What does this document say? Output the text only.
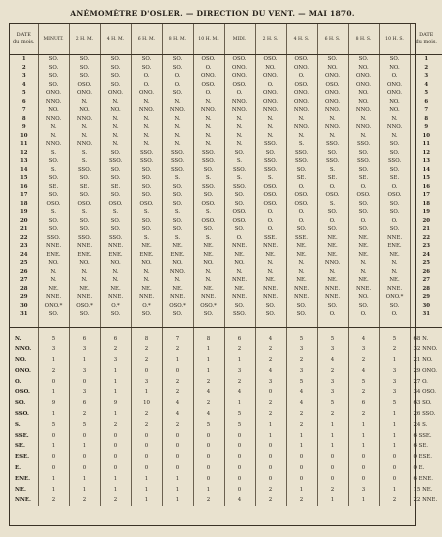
ANÉMOMÈTRE D'OSLER. — DIRECTION DU VENT. — MAI 1870.
DATE
du mois.	MINUIT.	2 H. M.	4 H. M.	6 H. M.	8 H. M.	10 H. M.	MIDI.	2 H. S.	4 H. S.	6 H. S.	8 H. S.	10 H. S.	DATE
du mois.
1	SO.	SO.	SO.	SO.	SO.	OSO.	OSO.	OSO.	OSO.	SO.	SO.	SO.	1
2	SO.	SO.	SO.	SO.	SO.	O.	ONO.	NO.	ONO.	NO.	NO.	NO.	2
3	SO.	SO.	SO.	O.	O.	ONO.	ONO.	ONO.	O.	ONO.	ONO.	O.	3
4	SO.	OSO.	SO.	O.	O.	OSO.	OSO.	O.	OSO.	OSO.	ONO.	ONO.	4
5	ONO.	ONO.	ONO.	ONO.	SO.	O.	O.	ONO.	ONO.	ONO.	NO.	ONO.	5
6	NNO.	N.	N.	N.	N.	N.	NNO.	ONO.	ONO.	ONO.	NO.	NO.	6
7	NO.	NO.	NO.	NNO.	NNO.	NNO.	NNO.	NNO.	NNO.	NNO.	NNO.	NO.	7
8	NNO.	NNO.	N.	N.	N.	N.	N.	N.	N.	N.	N.	N.	8
9	N.	N.	N.	N.	N.	N.	N.	N.	NNO.	NNO.	NNO.	NNO.	9
10	N.	N.	N.	N.	N.	N.	N.	N.	N.	N.	N.	N.	10
11	NNO.	NNO.	N.	N.	N.	N.	N.	SSO.	S.	SSO.	SSO.	SO.	11
12	S.	S.	SO.	SSO.	SSO.	SSO.	SO.	SO.	SSO.	SO.	SO.	SO.	12
13	SO.	S.	SSO.	SSO.	SSO.	SSO.	S.	SSO.	SSO.	SSO.	SSO.	SSO.	13
14	S.	SSO.	SO.	SO.	SSO.	SO.	SSO.	SSO.	SO.	S.	SO.	SO.	14
15	SO.	SO.	SO.	SO.	S.	S.	S.	S.	SE.	SE.	SE.	SE.	15
16	SE.	SE.	SE.	SO.	SO.	SSO.	SSO.	OSO.	O.	O.	O.	O.	16
17	SO.	SO.	SO.	SO.	SO.	SO.	SO.	OSO.	OSO.	OSO.	OSO.	OSO.	17
18	OSO.	OSO.	OSO.	OSO.	SO.	OSO.	SO.	OSO.	OSO.	S.	SO.	SO.	18
19	S.	S.	S.	S.	S.	S.	OSO.	O.	O.	SO.	SO.	SO.	19
20	SO.	SO.	SO.	SO.	SO.	OSO.	OSO.	O.	O.	O.	O.	O.	20
21	SO.	SO.	SO.	SO.	SO.	SO.	SO.	O.	SO.	SO.	SO.	SO.	21
22	SSO.	SSO.	SSO.	S.	S.	S.	O.	SSE.	SSE.	NE.	NE.	NNE.	22
23	NNE.	NNE.	NNE.	NE.	NE.	NE.	NNE.	NNE.	NE.	NE.	NE.	ENE.	23
24	ENE.	ENE.	ENE.	ENE.	ENE.	NE.	NE.	NE.	NE.	NE.	NE.	NE.	24
25	NO.	NO.	NO.	NO.	NO.	NO.	NO.	N.	N.	NNO.	N.	N.	25
26	N.	N.	N.	N.	NNO.	N.	N.	N.	N.	N.	N.	N.	26
27	N.	N.	N.	N.	N.	N.	NNE.	NE.	NE.	NE.	NE.	NE.	27
28	NE.	NE.	NE.	NE.	NE.	NE.	NE.	NNE.	NNE.	NNE.	NNE.	NNE.	28
29	NNE.	NNE.	NNE.	NNE.	NNE.	NNE.	NNE.	NNE.	NNE.	NNE.	NO.	ONO.*	29
30	ONO.*	OSO.*	O.*	O.*	OSO.*	OSO.*	SO.	SO.	SO.	SO.	SO.	SO.	30
31	SO.	SO.	SO.	SO.	SO.	SO.	SSO.	SO.	SO.	O.	O.	O.	31

N.	5	6	6	8	7	8	6	4	5	5	4	5	68 N.
NNO.	3	3	2	2	2	1	2	2	3	3	3	2	32 NNO.
NO.	1	1	3	2	1	1	1	2	2	4	2	1	21 NO.
ONO.	2	3	1	0	0	1	3	4	3	2	4	3	29 ONO.
O.	0	0	1	3	2	2	2	3	5	3	5	3	27 O.
OSO.	1	3	1	1	2	4	4	0	4	3	2	3	34 OSO.
SO.	9	6	9	10	4	2	1	2	4	5	6	5	63 SO.
SSO.	1	2	1	2	4	4	5	2	2	2	2	1	26 SSO.
S.	5	5	2	2	2	5	5	1	2	1	1	1	24 S.
SSE.	0	0	0	0	0	0	0	1	1	1	1	1	6 SSE.
SE.	1	1	0	0	0	0	0	0	1	1	1	1	6 SE.
ESE.	0	0	0	0	0	0	0	0	0	0	0	0	0 ESE.
E.	0	0	0	0	0	0	0	0	0	0	0	0	0 E.
ENE.	1	1	1	1	1	0	0	0	0	0	0	0	6 ENE.
NE.	1	1	1	1	1	1	0	2	1	2	3	1	15 NE.
NNE.	2	2	2	1	1	2	4	2	2	1	1	2	22 NNE.
